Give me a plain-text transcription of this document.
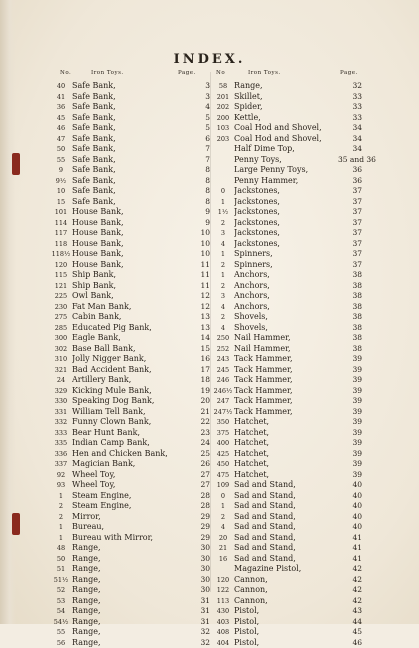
INDEX.
No.	Iron Toys.	Page.	No	Iron Toys.	Page.
40 Safe Bank,	3
41 Safe Bank,	3
36 Safe Bank,	4
45 Safe Bank,	5
46 Safe Bank,	5
47 Safe Bank,	6
50 Safe Bank,	7
55 Safe Bank,	7
9	Safe Bank,	8
9½ Safe Bank,	8
10 Safe Bank,	8
15 Safe Bank,	8
101 House Bank,	9
114 House Bank,	9
117 House Bank,	10
118 House Bank,	10
118½ House Bank,	10
120 House Bank,	11
115 Ship Bank,	11
121 Ship Bank,	11
225 Owl Bank,	12
230 Fat Man Bank,	12
275 Cabin Bank,	13
285 Educated Pig Bank,	13
300 Eagle Bank,	14
302 Base Ball Bank,	15
310 Jolly Nigger Bank,	16
321 Bad Accident Bank,	17
24 Artillery Bank,	18
329 Kicking Mule Bank,	19
330 Speaking Dog Bank,	20
331 William Tell Bank,	21
332 Funny Clown Bank,	22
333 Bear Hunt Bank,	23
335 Indian Camp Bank,	24
336 Hen and Chicken Bank,	25
337 Magician Bank,	26
92 Wheel Toy,	27
93 Wheel Toy,	27
1	Steam Engine,	28
2	Steam Engine,	28
2	Mirror,	29
1	Bureau,	29
1	Bureau with Mirror,	29
48 Range,	30
50 Range,	30
51 Range,	30
51½ Range,	30
52 Range,	30
53 Range,	31
54 Range,	31
54½ Range,	31
55 Range,	32
56 Range,	32
58 Range,	32
201 Skillet,	33
202 Spider,	33
200 Kettle,	33
103 Coal Hod and Shovel,	34
203 Coal Hod and Shovel,	34
Half Dime Top,	34
Penny Toys,	35 and 36
Large Penny Toys,	36
Penny Hammer,	36
0	Jackstones,	37
1	Jackstones,	37
1½ Jackstones,	37
2	Jackstones,	37
3	Jackstones,	37
4	Jackstones,	37
1	Spinners,	37
2	Spinners,	37
1	Anchors,	38
2	Anchors,	38
3	Anchors,	38
4	Anchors,	38
2	Shovels,	38
4	Shovels,	38
250 Nail Hammer,	38
252 Nail Hammer,	38
243 Tack Hammer,	39
245 Tack Hammer,	39
246 Tack Hammer,	39
246½ Tack Hammer,	39
247 Tack Hammer,	39
247½ Tack Hammer,	39
350 Hatchet,	39
375 Hatchet,	39
400 Hatchet,	39
425 Hatchet,	39
450 Hatchet,	39
475 Hatchet,	39
109 Sad and Stand,	40
0	Sad and Stand,	40
1	Sad and Stand,	40
2	Sad and Stand,	40
4	Sad and Stand,	40
20 Sad and Stand,	41
21 Sad and Stand,	41
16 Sad and Stand,	41
Magazine Pistol,	42
120 Cannon,	42
122 Cannon,	42
113 Cannon,	42
430 Pistol,	43
403 Pistol,	44
408 Pistol,	45
404 Pistol,	46
